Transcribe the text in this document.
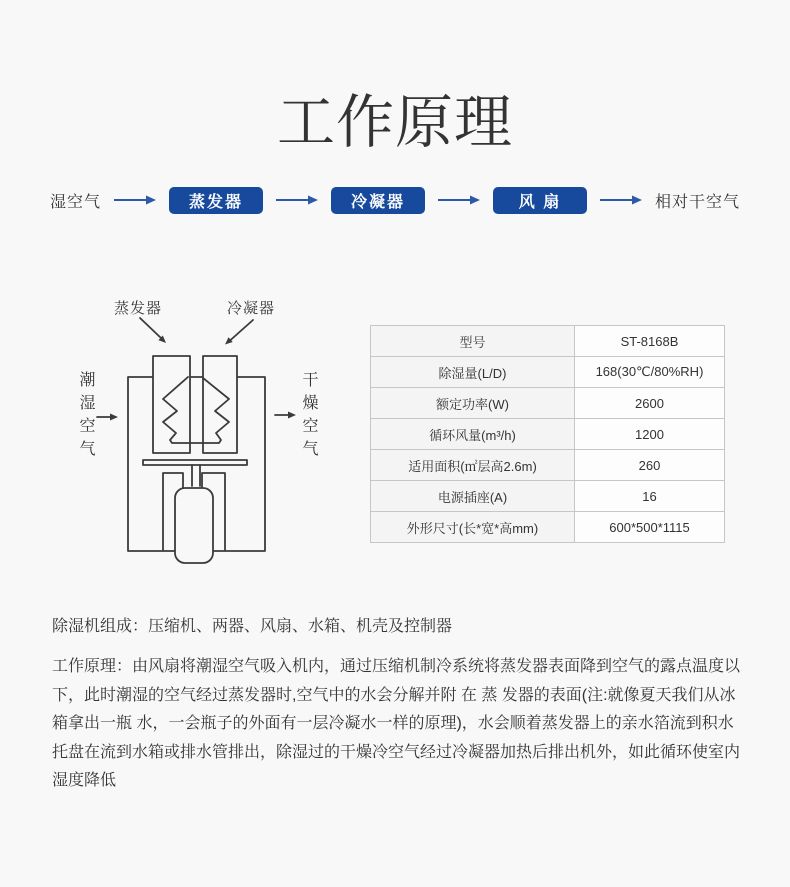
工作原理
湿空气	蒸发器	冷凝器	风 扇	相对干空气
蒸发器	冷凝器
潮湿空气	干燥空气
型号	ST-8168B
除湿量(L/D)	168(30℃/80%RH)
额定功率(W)	2600
循环风量(m³/h)	1200
适用面积(㎡层高2.6m)	260
电源插座(A)	16
外形尺寸(长*宽*高mm)	600*500*1115

除湿机组成：压缩机、两器、风扇、水箱、机壳及控制器

工作原理：由风扇将潮湿空气吸入机内，通过压缩机制冷系统将蒸发器表面降到空气的露点温度以下，此时潮湿的空气经过蒸发器时,空气中的水会分解并附 在 蒸 发器的表面(注:就像夏天我们从冰箱拿出一瓶 水，一会瓶子的外面有一层冷凝水一样的原理)，水会顺着蒸发器上的亲水箔流到积水托盘在流到水箱或排水管排出，除湿过的干燥冷空气经过冷凝器加热后排出机外，如此循环使室内湿度降低
